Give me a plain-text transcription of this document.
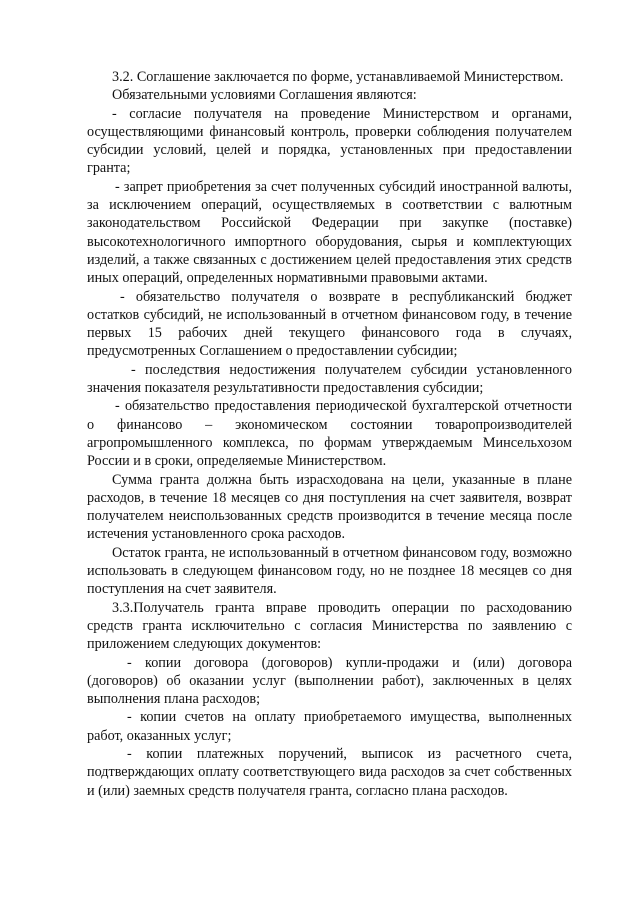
3.2. Соглашение заключается по форме, устанавливаемой Министерством.

Обязательными условиями Соглашения являются:

- согласие получателя на проведение Министерством и органами, осуществляющими финансовый контроль, проверки соблюдения получателем субсидии условий, целей и порядка, установленных при предоставлении гранта;

- запрет приобретения за счет полученных субсидий иностранной валюты, за исключением операций, осуществляемых в соответствии с валютным законодательством Российской Федерации при закупке (поставке) высокотехнологичного импортного оборудования, сырья и комплектующих изделий, а также связанных с достижением целей предоставления этих средств иных операций, определенных нормативными правовыми актами.

- обязательство получателя о возврате в республиканский бюджет остатков субсидий, не использованный в отчетном финансовом году, в течение первых 15 рабочих дней текущего финансового года в случаях, предусмотренных Соглашением о предоставлении субсидии;

- последствия недостижения получателем субсидии установленного значения показателя результативности предоставления субсидии;

- обязательство предоставления периодической бухгалтерской отчетности о финансово – экономическом состоянии товаропроизводителей агропромышленного комплекса, по формам утверждаемым Минсельхозом России и в сроки, определяемые Министерством.

Сумма гранта должна быть израсходована на цели, указанные в плане расходов, в течение 18 месяцев со дня поступления на счет заявителя, возврат получателем неиспользованных средств производится в течение месяца после истечения установленного срока расходов.

Остаток гранта, не использованный в отчетном финансовом году, возможно использовать в следующем финансовом году, но не позднее 18 месяцев со дня поступления на счет заявителя.

3.3.Получатель гранта вправе проводить операции по расходованию средств гранта исключительно с согласия Министерства по заявлению с приложением следующих документов:

- копии договора (договоров) купли-продажи и (или) договора (договоров) об оказании услуг (выполнении работ), заключенных в целях выполнения плана расходов;

- копии счетов на оплату приобретаемого имущества, выполненных работ, оказанных услуг;

- копии платежных поручений, выписок из расчетного счета, подтверждающих оплату соответствующего вида расходов за счет собственных и (или) заемных средств получателя гранта, согласно плана расходов.
